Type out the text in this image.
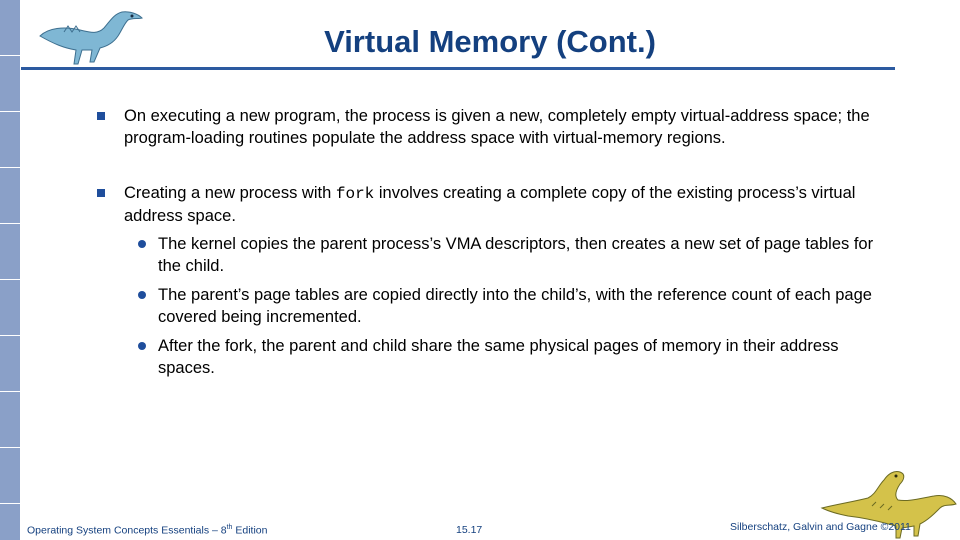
Virtual Memory (Cont.)
On executing a new program, the process is given a new, completely empty virtual-address space; the program-loading routines populate the address space with virtual-memory regions.
Creating a new process with fork involves creating a complete copy of the existing process’s virtual address space.
The kernel copies the parent process’s VMA descriptors, then creates a new set of page tables for the child.
The parent’s page tables are copied directly into the child’s, with the reference count of each page covered being incremented.
After the fork, the parent and child share the same physical pages of memory in their address spaces.
Operating System Concepts Essentials – 8th Edition	15.17	Silberschatz, Galvin and Gagne ©2011
